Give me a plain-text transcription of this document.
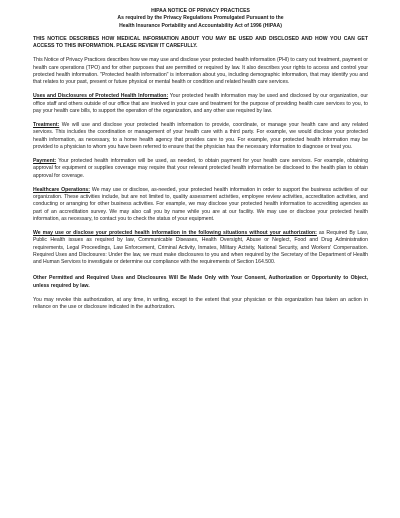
HIPAA NOTICE OF PRIVACY PRACTICES
As required by the Privacy Regulations Promulgated Pursuant to the
Health Insurance Portability and Accountability Act of 1996 (HIPAA)

THIS NOTICE DESCRIBES HOW MEDICAL INFORMATION ABOUT YOU MAY BE USED AND DISCLOSED AND HOW YOU CAN GET ACCESS TO THIS INFORMATION. PLEASE REVIEW IT CAREFULLY.

This Notice of Privacy Practices describes how we may use and disclose your protected health information (PHI) to carry out treatment, payment or health care operations (TPO) and for other purposes that are permitted or required by law. It also describes your rights to access and control your protected health information. "Protected health information" is information about you, including demographic information, that may identify you and that relates to your past, present or future physical or mental health or condition and related health care services.

Uses and Disclosures of Protected Health Information: Your protected health information may be used and disclosed by our organization, our office staff and others outside of our office that are involved in your care and treatment for the purpose of providing health care services to you, to pay your health care bills, to support the operation of the organization, and any other use required by law.

Treatment: We will use and disclose your protected health information to provide, coordinate, or manage your health care and any related services. This includes the coordination or management of your health care with a third party. For example, we would disclose your protected health information, as necessary, to a home health agency that provides care to you. For example, your protected health information may be provided to a physician to whom you have been referred to ensure that the physician has the necessary information to diagnose or treat you.

Payment: Your protected health information will be used, as needed, to obtain payment for your health care services. For example, obtaining approval for equipment or supplies coverage may require that your relevant protected health information be disclosed to the health plan to obtain approval for coverage.

Healthcare Operations: We may use or disclose, as-needed, your protected health information in order to support the business activities of our organization. These activities include, but are not limited to, quality assessment activities, employee review activities, accreditation activities, and conducting or arranging for other business activities. For example, we may disclose your protected health information to accrediting agencies as part of an accreditation survey. We may also call you by name while you are at our facility. We may use or disclose your protected health information, as necessary, to contact you to check the status of your equipment.

We may use or disclose your protected health information in the following situations without your authorization: as Required By Law, Public Health issues as required by law, Communicable Diseases, Health Oversight, Abuse or Neglect, Food and Drug Administration requirements, Legal Proceedings, Law Enforcement, Criminal Activity, Inmates, Military Activity, National Security, and Workers' Compensation. Required Uses and Disclosures: Under the law, we must make disclosures to you and when required by the Secretary of the Department of Health and Human Services to investigate or determine our compliance with the requirements of Section 164.500.

Other Permitted and Required Uses and Disclosures Will Be Made Only with Your Consent, Authorization or Opportunity to Object, unless required by law.

You may revoke this authorization, at any time, in writing, except to the extent that your physician or this organization has taken an action in reliance on the use or disclosure indicated in the authorization.
